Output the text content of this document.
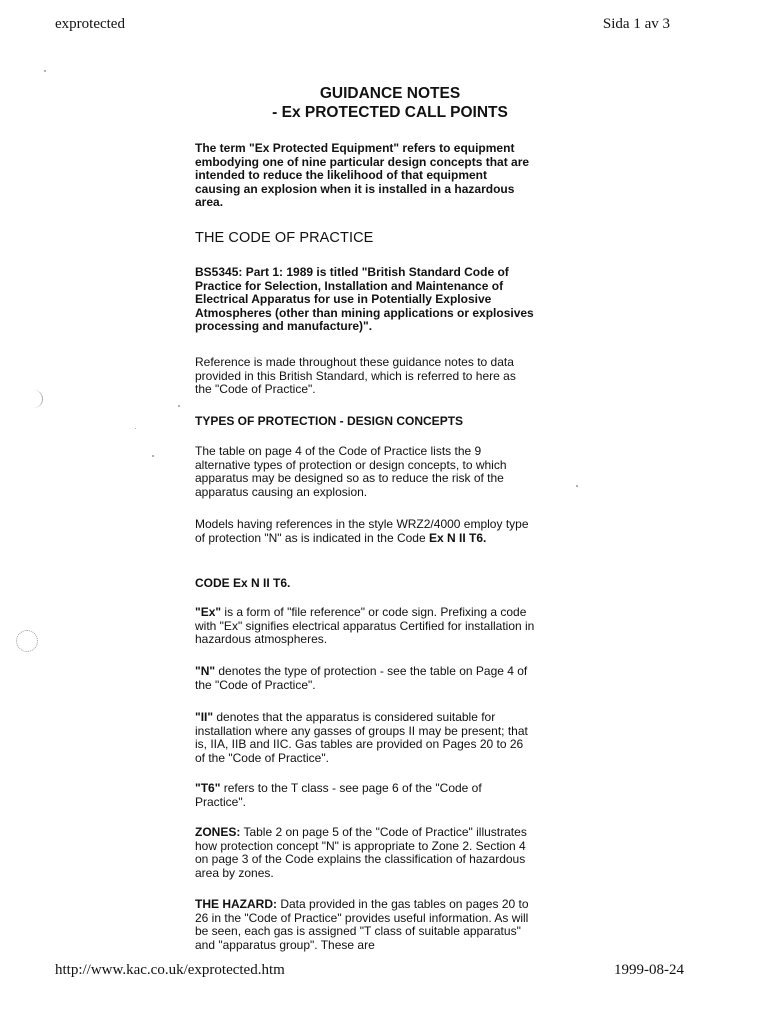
exprotected	Sida 1 av 3
http://www.kac.co.uk/exprotected.htm	1999-08-24
GUIDANCE NOTES
- Ex PROTECTED CALL POINTS

The term "Ex Protected Equipment" refers to equipment embodying one of nine particular design concepts that are intended to reduce the likelihood of that equipment causing an explosion when it is installed in a hazardous area.

THE CODE OF PRACTICE

BS5345: Part 1: 1989 is titled "British Standard Code of Practice for Selection, Installation and Maintenance of Electrical Apparatus for use in Potentially Explosive Atmospheres (other than mining applications or explosives processing and manufacture)".

Reference is made throughout these guidance notes to data provided in this British Standard, which is referred to here as the "Code of Practice".

TYPES OF PROTECTION - DESIGN CONCEPTS

The table on page 4 of the Code of Practice lists the 9 alternative types of protection or design concepts, to which apparatus may be designed so as to reduce the risk of the apparatus causing an explosion.

Models having references in the style WRZ2/4000 employ type of protection "N" as is indicated in the Code Ex N II T6.

CODE Ex N II T6.

"Ex" is a form of "file reference" or code sign. Prefixing a code with "Ex" signifies electrical apparatus Certified for installation in hazardous atmospheres.

"N" denotes the type of protection - see the table on Page 4 of the "Code of Practice".

"II" denotes that the apparatus is considered suitable for installation where any gasses of groups II may be present; that is, IIA, IIB and IIC. Gas tables are provided on Pages 20 to 26 of the "Code of Practice".

"T6" refers to the T class - see page 6 of the "Code of Practice".

ZONES: Table 2 on page 5 of the "Code of Practice" illustrates how protection concept "N" is appropriate to Zone 2. Section 4 on page 3 of the Code explains the classification of hazardous area by zones.

THE HAZARD: Data provided in the gas tables on pages 20 to 26 in the "Code of Practice" provides useful information. As will be seen, each gas is assigned "T class of suitable apparatus" and "apparatus group". These are
